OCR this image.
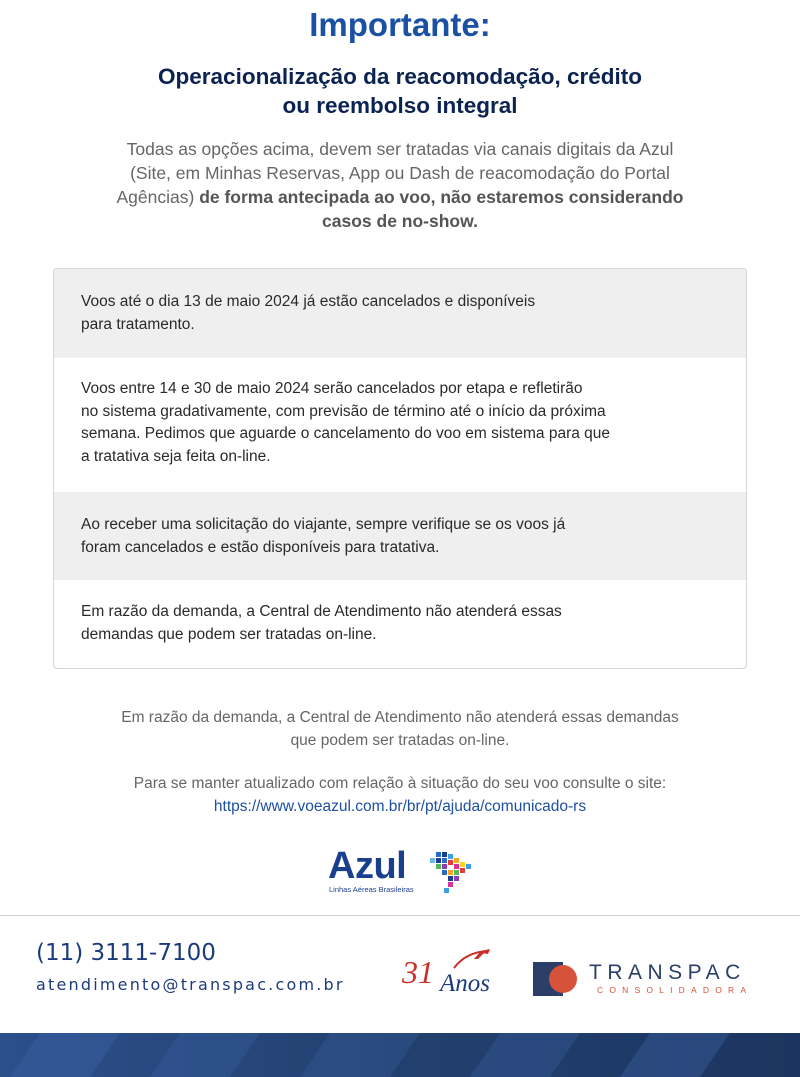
Importante:
Operacionalização da reacomodação, crédito
ou reembolso integral
Todas as opções acima, devem ser tratadas via canais digitais da Azul
(Site, em Minhas Reservas, App ou Dash de reacomodação do Portal
Agências) de forma antecipada ao voo, não estaremos considerando
casos de no-show.
Voos até o dia 13 de maio 2024 já estão cancelados e disponíveis
para tratamento.
Voos entre 14 e 30 de maio 2024 serão cancelados por etapa e refletirão
no sistema gradativamente, com previsão de término até o início da próxima
semana. Pedimos que aguarde o cancelamento do voo em sistema para que
a tratativa seja feita on-line.
Ao receber uma solicitação do viajante, sempre verifique se os voos já
foram cancelados e estão disponíveis para tratativa.
Em razão da demanda, a Central de Atendimento não atenderá essas
demandas que podem ser tratadas on-line.
Em razão da demanda, a Central de Atendimento não atenderá essas demandas
que podem ser tratadas on-line.
Para se manter atualizado com relação à situação do seu voo consulte o site:
https://www.voeazul.com.br/br/pt/ajuda/comunicado-rs
Azul
Linhas Aéreas Brasileiras
(11) 3111-7100
atendimento@transpac.com.br 31 Anos	TRANSPAC
CONSOLIDADORA
